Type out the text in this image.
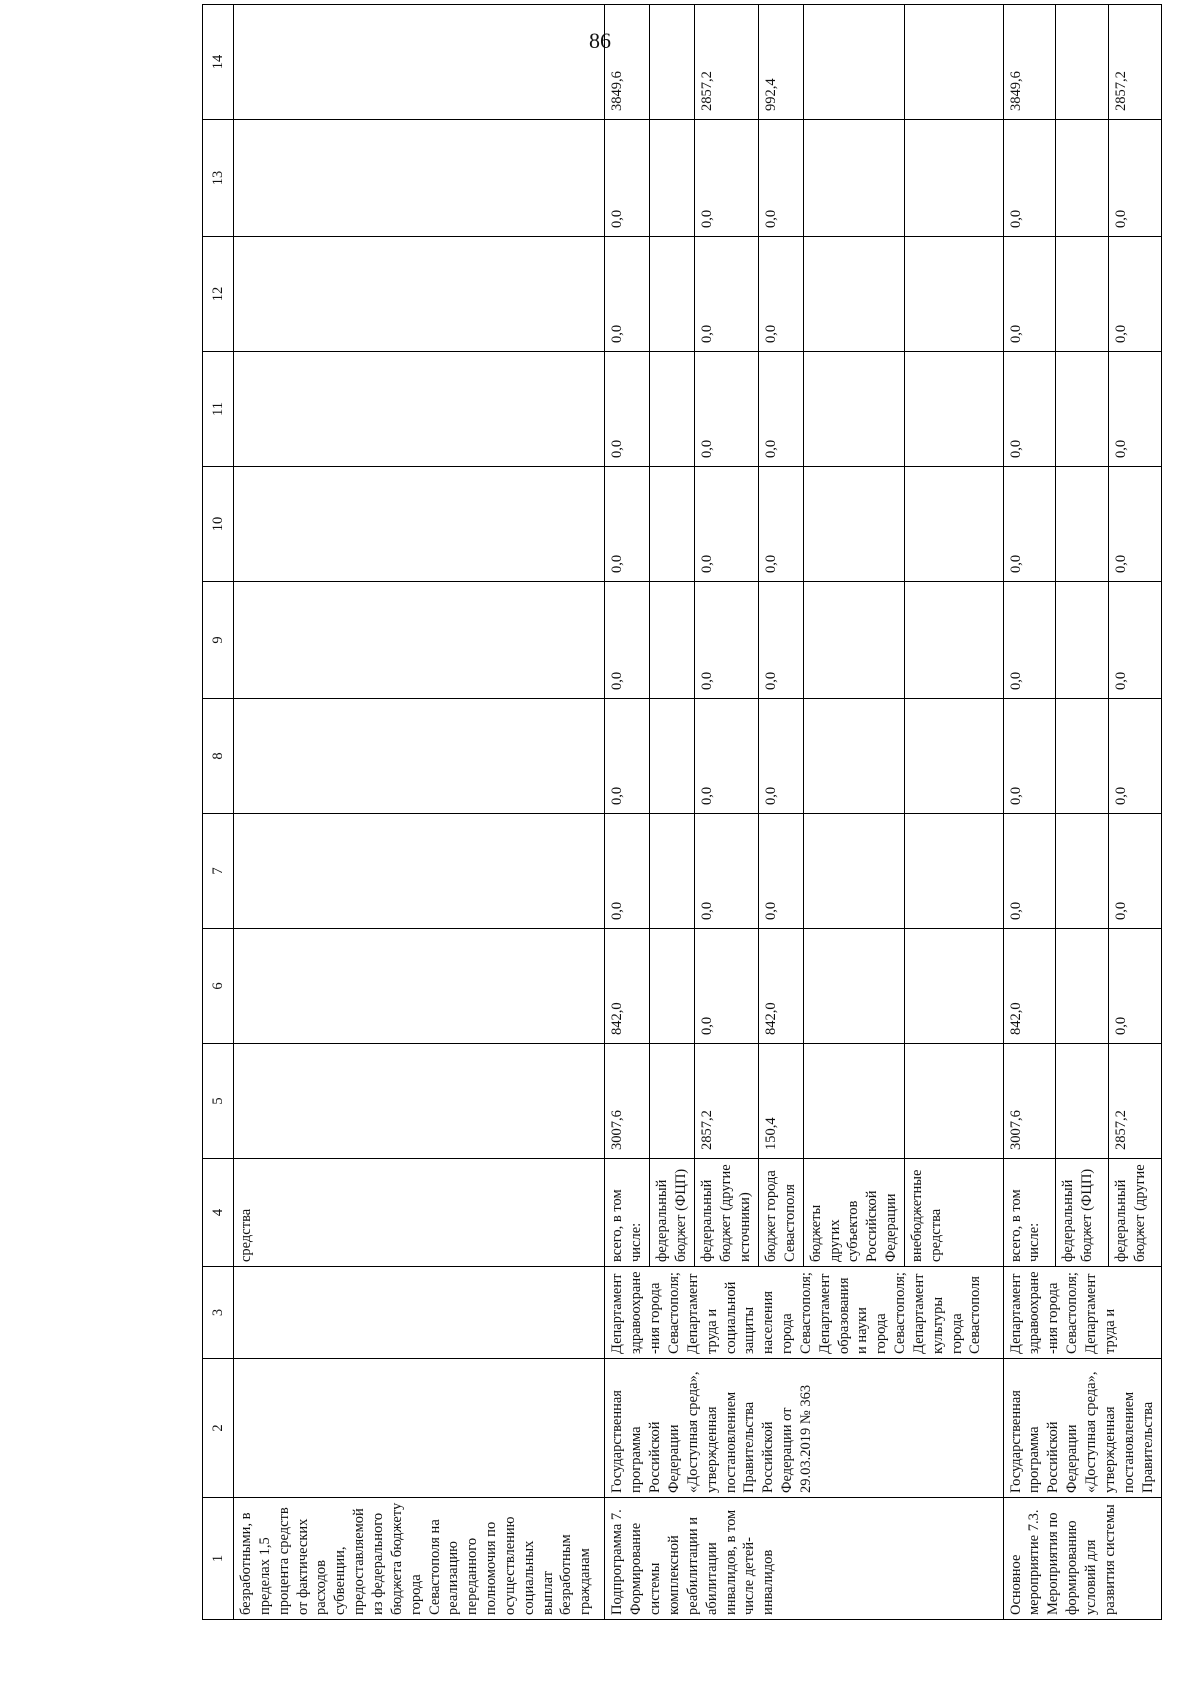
86
1	2	3	4	5	6	7	8	9	10	11	12	13	14
безработными, в пределах 1,5 процента средств от фактических расходов субвенции, предоставляемой из федерального бюджета бюджету города Севастополя на реализацию переданного полномочия по осуществлению социальных выплат безработным гражданам			средства										
Подпрограмма 7. Формирование системы комплексной реабилитации и абилитации инвалидов, в том числе детей-инвалидов	Государственная программа Российской Федерации «Доступная среда», утвержденная постановлением Правительства Российской Федерации от 29.03.2019 № 363	Департамент здравоохране-ния города Севастополя; Департамент труда и социальной защиты населения города Севастополя; Департамент образования и науки города Севастополя; Департамент культуры города Севастополя	всего, в том числе:	3007,6	842,0	0,0	0,0	0,0	0,0	0,0	0,0	0,0	3849,6
			федеральный бюджет (ФЦП)										
			федеральный бюджет (другие источники)	2857,2	0,0	0,0	0,0	0,0	0,0	0,0	0,0	0,0	2857,2
			бюджет города Севастополя	150,4	842,0	0,0	0,0	0,0	0,0	0,0	0,0	0,0	992,4
			бюджеты других субъектов Российской Федерации										
			внебюджетные средства										
Основное мероприятие 7.3. Мероприятия по формированию условий для развития системы	Государственная программа Российской Федерации «Доступная среда», утвержденная постановлением Правительства	Департамент здравоохране-ния города Севастополя; Департамент труда и	всего, в том числе:	3007,6	842,0	0,0	0,0	0,0	0,0	0,0	0,0	0,0	3849,6
			федеральный бюджет (ФЦП)										
			федеральный бюджет (другие	2857,2	0,0	0,0	0,0	0,0	0,0	0,0	0,0	0,0	2857,2
